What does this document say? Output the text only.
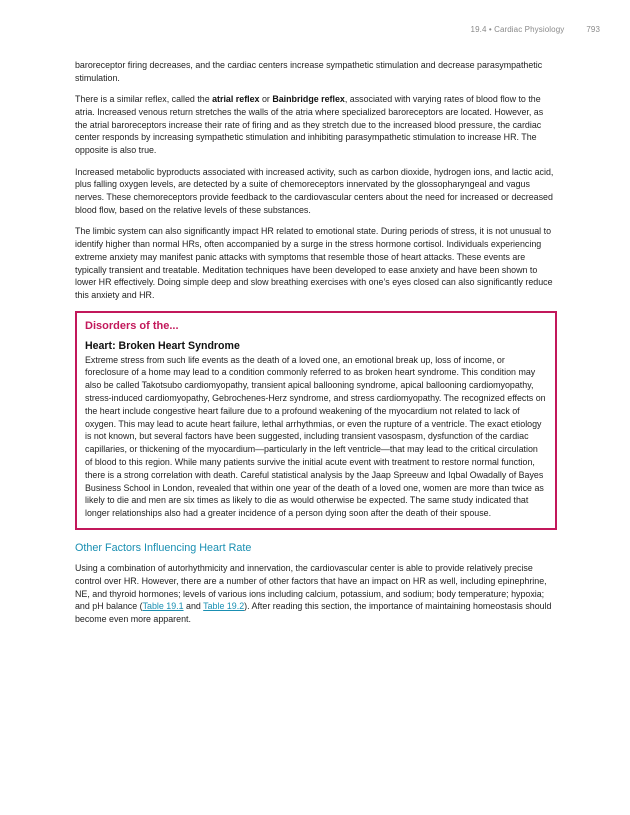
19.4 • Cardiac Physiology	793

baroreceptor firing decreases, and the cardiac centers increase sympathetic stimulation and decrease parasympathetic stimulation.

There is a similar reflex, called the atrial reflex or Bainbridge reflex, associated with varying rates of blood flow to the atria. Increased venous return stretches the walls of the atria where specialized baroreceptors are located. However, as the atrial baroreceptors increase their rate of firing and as they stretch due to the increased blood pressure, the cardiac center responds by increasing sympathetic stimulation and inhibiting parasympathetic stimulation to increase HR. The opposite is also true.

Increased metabolic byproducts associated with increased activity, such as carbon dioxide, hydrogen ions, and lactic acid, plus falling oxygen levels, are detected by a suite of chemoreceptors innervated by the glossopharyngeal and vagus nerves. These chemoreceptors provide feedback to the cardiovascular centers about the need for increased or decreased blood flow, based on the relative levels of these substances.

The limbic system can also significantly impact HR related to emotional state. During periods of stress, it is not unusual to identify higher than normal HRs, often accompanied by a surge in the stress hormone cortisol. Individuals experiencing extreme anxiety may manifest panic attacks with symptoms that resemble those of heart attacks. These events are typically transient and treatable. Meditation techniques have been developed to ease anxiety and have been shown to lower HR effectively. Doing simple deep and slow breathing exercises with one’s eyes closed can also significantly reduce this anxiety and HR.

Disorders of the...
Heart: Broken Heart Syndrome

Extreme stress from such life events as the death of a loved one, an emotional break up, loss of income, or foreclosure of a home may lead to a condition commonly referred to as broken heart syndrome. This condition may also be called Takotsubo cardiomyopathy, transient apical ballooning syndrome, apical ballooning cardiomyopathy, stress-induced cardiomyopathy, Gebrochenes-Herz syndrome, and stress cardiomyopathy. The recognized effects on the heart include congestive heart failure due to a profound weakening of the myocardium not related to lack of oxygen. This may lead to acute heart failure, lethal arrhythmias, or even the rupture of a ventricle. The exact etiology is not known, but several factors have been suggested, including transient vasospasm, dysfunction of the cardiac capillaries, or thickening of the myocardium—particularly in the left ventricle—that may lead to the critical circulation of blood to this region. While many patients survive the initial acute event with treatment to restore normal function, there is a strong correlation with death. Careful statistical analysis by the Jaap Spreeuw and Iqbal Owadally of Bayes Business School in London, revealed that within one year of the death of a loved one, women are more than twice as likely to die and men are six times as likely to die as would otherwise be expected. The same study indicated that longer relationships also had a greater incidence of a person dying soon after the death of their spouse.

Other Factors Influencing Heart Rate

Using a combination of autorhythmicity and innervation, the cardiovascular center is able to provide relatively precise control over HR. However, there are a number of other factors that have an impact on HR as well, including epinephrine, NE, and thyroid hormones; levels of various ions including calcium, potassium, and sodium; body temperature; hypoxia; and pH balance (Table 19.1 and Table 19.2). After reading this section, the importance of maintaining homeostasis should become even more apparent.
